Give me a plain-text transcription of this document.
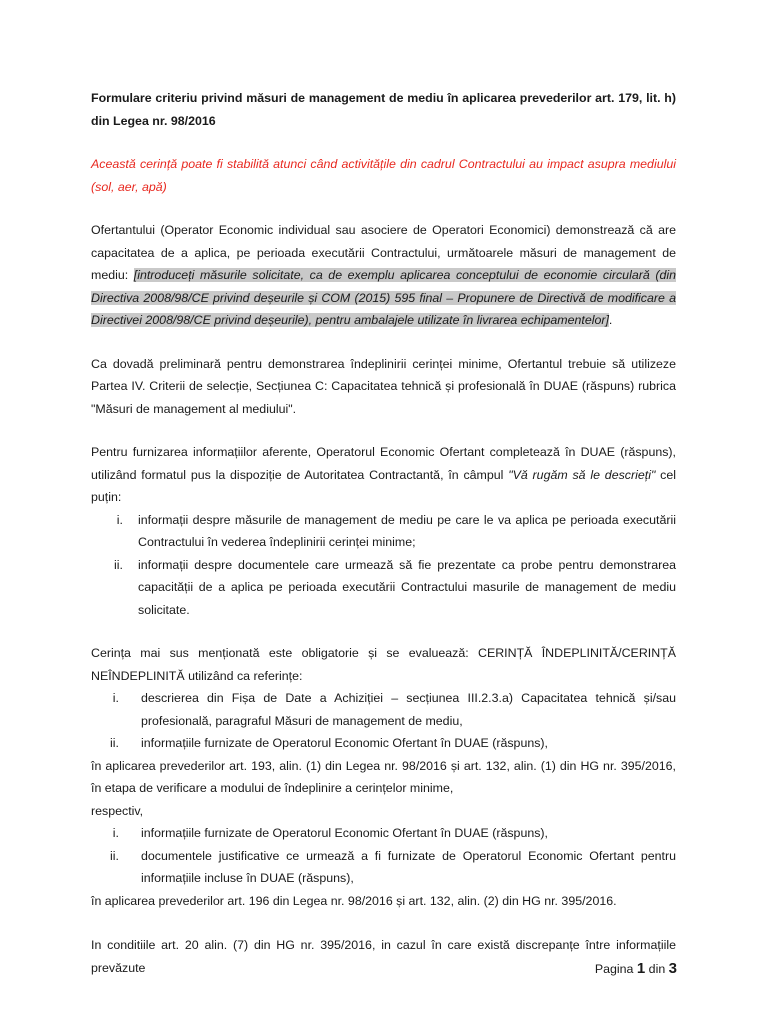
Formulare criteriu privind măsuri de management de mediu în aplicarea prevederilor art. 179, lit. h) din Legea nr. 98/2016

Această cerință poate fi stabilită atunci când activitățile din cadrul Contractului au impact asupra mediului (sol, aer, apă)

Ofertantului (Operator Economic individual sau asociere de Operatori Economici) demonstrează că are capacitatea de a aplica, pe perioada executării Contractului, următoarele măsuri de management de mediu: [introduceți măsurile solicitate, ca de exemplu aplicarea conceptului de economie circulară (din Directiva 2008/98/CE privind deșeurile și COM (2015) 595 final – Propunere de Directivă de modificare a Directivei 2008/98/CE privind deșeurile), pentru ambalajele utilizate în livrarea echipamentelor].

Ca dovadă preliminară pentru demonstrarea îndeplinirii cerinței minime, Ofertantul trebuie să utilizeze Partea IV. Criterii de selecție, Secțiunea C: Capacitatea tehnică și profesională în DUAE (răspuns) rubrica "Măsuri de management al mediului".

Pentru furnizarea informațiilor aferente, Operatorul Economic Ofertant completează în DUAE (răspuns), utilizând formatul pus la dispoziție de Autoritatea Contractantă, în câmpul "Vă rugăm să le descrieți" cel puțin:

i. informații despre măsurile de management de mediu pe care le va aplica pe perioada executării Contractului în vederea îndeplinirii cerinței minime;
ii. informații despre documentele care urmează să fie prezentate ca probe pentru demonstrarea capacității de a aplica pe perioada executării Contractului masurile de management de mediu solicitate.

Cerința mai sus menționată este obligatorie și se evaluează: CERINȚĂ ÎNDEPLINITĂ/CERINȚĂ NEÎNDEPLINITĂ utilizând ca referințe:

i. descrierea din Fișa de Date a Achiziției – secțiunea III.2.3.a) Capacitatea tehnică și/sau profesională, paragraful Măsuri de management de mediu,
ii. informațiile furnizate de Operatorul Economic Ofertant în DUAE (răspuns),

în aplicarea prevederilor art. 193, alin. (1) din Legea nr. 98/2016 și art. 132, alin. (1) din HG nr. 395/2016, în etapa de verificare a modului de îndeplinire a cerințelor minime,

respectiv,

i. informațiile furnizate de Operatorul Economic Ofertant în DUAE (răspuns),
ii. documentele justificative ce urmează a fi furnizate de Operatorul Economic Ofertant pentru informațiile incluse în DUAE (răspuns),

în aplicarea prevederilor art. 196 din Legea nr. 98/2016 și art. 132, alin. (2) din HG nr. 395/2016.

In conditiile art. 20 alin. (7) din HG nr. 395/2016, in cazul în care există discrepanțe între informațiile prevăzute	Pagina 1 din 3
